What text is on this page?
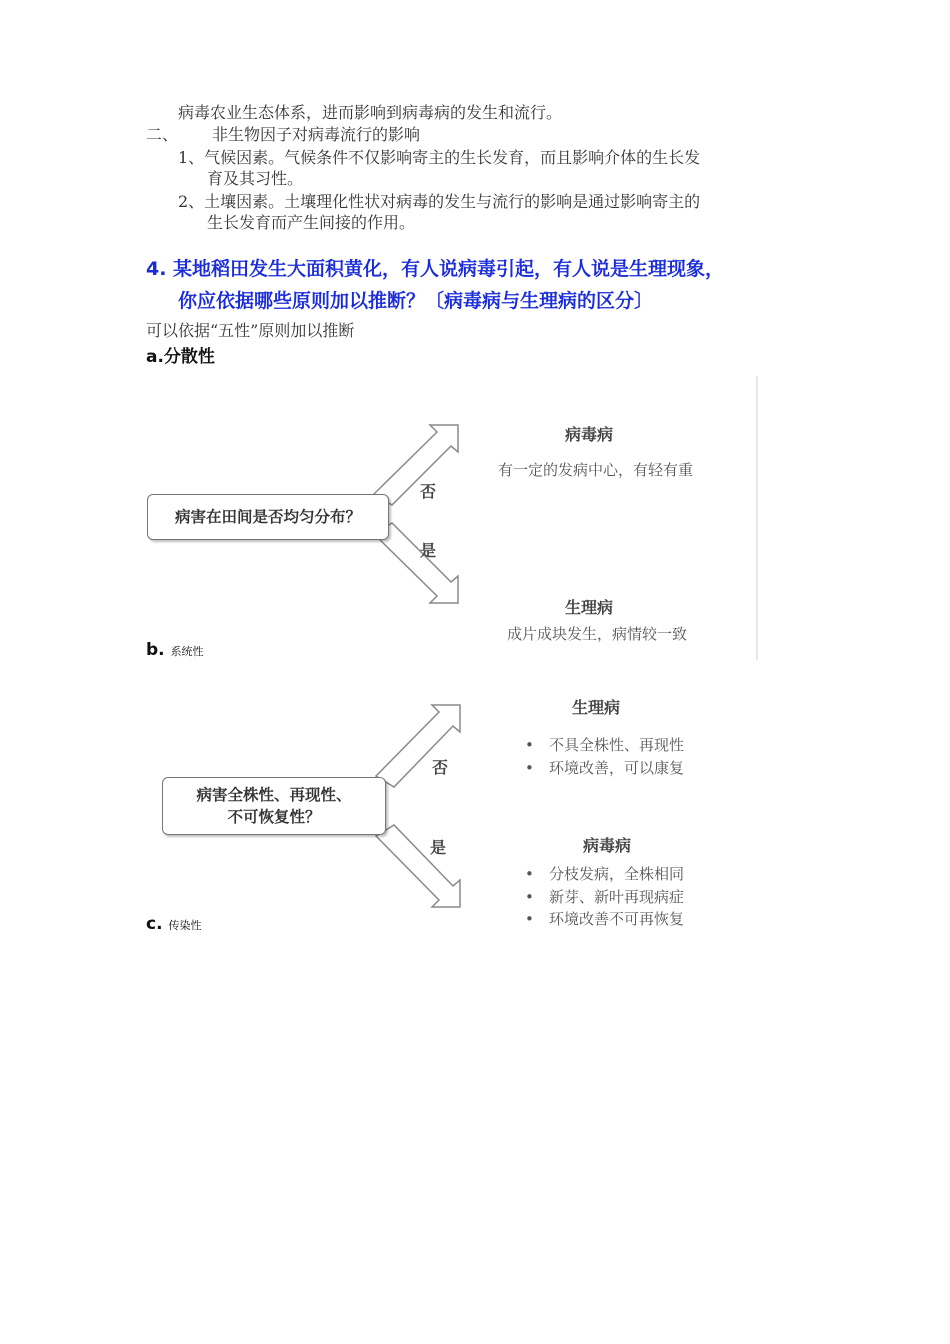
病毒农业生态体系，进而影响到病毒病的发生和流行。
二、 非生物因子对病毒流行的影响
1、气候因素。气候条件不仅影响寄主的生长发育，而且影响介体的生长发
育及其习性。
2、土壤因素。土壤理化性状对病毒的发生与流行的影响是通过影响寄主的
生长发育而产生间接的作用。
4. 某地稻田发生大面积黄化，有人说病毒引起，有人说是生理现象，
你应依据哪些原则加以推断？〔病毒病与生理病的区分〕
可以依据“五性”原则加以推断
a.分散性
病害在田间是否均匀分布？
否
是
病毒病
有一定的发病中心，有轻有重
生理病
成片成块发生，病情较一致
b. 系统性
病害全株性、再现性、
不可恢复性？
否
是
生理病
• 不具全株性、再现性
• 环境改善，可以康复
病毒病
• 分枝发病，全株相同
• 新芽、新叶再现病症
• 环境改善不可再恢复
c. 传染性
